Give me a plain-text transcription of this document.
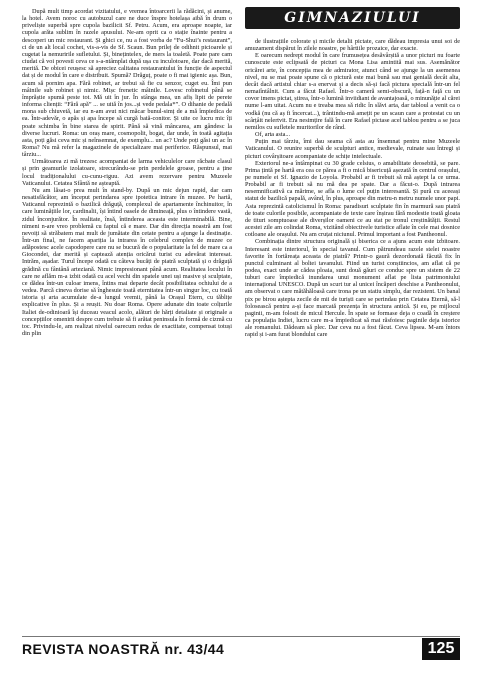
După mult timp acordat vizitatului, e vremea întoarcerii la rădăcini, și anume, la hotel. Avem noroc cu autobuzul care ne duce înspre hotelașa aibă în drum o priveliște superbă spre cupola bazilicii Sf. Petru. Acum, era aproape noapte, iar cupola arăta sublim în razele apusului. Ne-am oprit ca o stație înainte pentru a descoperi un mic restaurant. Și ghici ce, nu a fost vorba de “Fu-Shui’s restaurant”, ci de un alt local cochet, vis-a-vis de Sf. Scaun. Bun prilej de odihnit picioarele și cugetat la nemuririle sufletului. Și, binețintelex, de mers la toaletă. Poate pare cam ciudat că voi povesti ceva ce s-a-ntâmplat după ușa cu inculotoare, dar dacă merită, merită. De obicei reușesc să apreciez calitatea restaurantului în funcție de aspectul dat și de modul în care e distribuit. Spumă? Drăguț, poate o fi mai igienic așa. Bun, acum să pornim apa. Fără robinet, ar trebui să fie cu senzor, cuget eu. Îmi pun mâinile sub robinet și nimic. Mișc frenetic mâinile. Lovesc robinetul până se împrăștie spumă peste tot. Mă uit în jur. În stânga mea, un afiș lipit de perete informa clienții: “Fără apă” ... se uită în jos...și vede pedala*”. O dihanie de pedală mona sub chiuvetă, iar eu n-am avut nici măcar bunul-simț de a mă împiedica de ea. Într-adevăr, o apăs și apa începe să curgă bată-conitor. Și uite ce lucru mic îți poate schimba în bine starea de spirit. Până să vină mâncarea, am gândesc la diverse lucruri. Roma: un oraș mare, cosmopolit, bogat, dar unde, în toată agitația asta, poți găsi ceva mic și neînsemnat, de exemplu... un ac? Unde poți găsi un ac în Roma? Nu mă refer la magazinele de specializare mai periferice. Răspunsul, mai târziu...

Următoarea zi mă trezesc acompaniat de larma vehiculelor care răcbate clasul și prin geamurile izolatoare, strecurându-se prin perdelele groase, pentru a ține locul tradiționalului cu-cunu-riguu. Azi avem rezervare pentru Muzeele Vaticanului. Cetatea Sfântă ne așteaptă.

Nu am lăsat-o prea mult în stand-by. După un mic dejun rapid, dar cam nesatisfăcător, am început perindarea spre ipotetica intrare în muzee. Pe hartă, Vaticanul reprezintă o bazilică drăguță, complexul de apartamente închinuitor, în care luminățiile lor, cardinalii, își întind oasele de dimineață, plus o întindere vastă, zidul înconjurător. În realitate, însă, întinderea aceasta este interminabilă. Bine, nimeni n-are vreo problemă cu faptul că e mare. Dar din direcția noastră am fost nevoiți să străbatem mai mult de jumătate din cetate pentru a ajunge la destinație. Într-un final, ne facem apariția la intrarea în celebrul complex de muzee ce adăpostesc acele capodopere care nu se bucură de o popularitate la fel de mare ca a Giocondei, dar merită și captează atenția oricărui turist cu adevărat interesat. Intrăm, așadar. Turul începe odată cu câteva bucăți de piatră sculptată și o drăguță grădină cu fântână arteziană. Nimic impresionant până acum. Realitatea locului în care ne aflăm m-a izbit odată cu acel vechi din spatele unei uși masive și sculptate, ce dădea într-un culoar imens, întins mai departe decât posibilitatea ochiului de a vedea. Parcă cineva dorise să înghesuie toată eternitatea într-un singur loc, cu toată istoria și arta acumulate de-a lungul vremii, până la Orașul Etern, cu tăblițe explicative în plus. Și a reușit. Nu doar Roma. Opere adunate din toate colțurile Italiei de-odinioară își duceau veacul acolo, alături de hărți detaliate și originale a concepțiilor omenirii despre cum trebuie să fi arătat peninsula în formă de cizmă cu toc. Privindu-le, am realizat nivelul oarecum redus de exactitate, compensat totuși din plin

GIMNAZIULUI

de ilustrațiile colorate și micile detalii pictate, care dădeau impresia unui soi de amuzament dispărut în zilele noastre, pe hârtiile prozaice, dar exacte.

E oarecum nedrept modul în care frumusețea desăvârșită a unor picturi nu foarte cunoscute este eclipsată de picturi ca Mona Lisa amintită mai sus. Asemănător oricărei arte, în concepția mea de admirator, atunci când se ajunge la un asemenea nivel, nu se mai poate spune că o pictură este mai bună sau mai genială decât alta, decât dacă artistul chiar s-a enervat și a decis să-și facă pictura specială într-un fel nemaiîntâlnit. Cum a făcut Rafael. Într-o cameră semi-obscură, față-n față cu un covor imens pictat, știrea, într-o lumină inviidiant de avantajoasă, o minunăție al cărei nume l-am uitat. Acum nu e treaba mea să ridic în slăvi arta, dar tabloul a venit ca o vodkă (nu că aș fi încercat...), trântindu-mă amețit pe un scaun care a protestat cu un scârțâit nelertvit. Era nesimțire fală în care Rafael pictase acel tablou pentru a se juca nemilos cu sufletele muritorilor de rând.

Of, arta asta...

Puțin mai târziu, îmi dau seama că asta au însemnat pentru mine Muzeele Vaticanului. O reunire superbă de sculpturi antice, medievale, ruinate sau întregi și picturi covârșitoare acompaniate de schițe intelectuale.

Exteriorul ne-a întâmpinat cu 30 grade celsius, o amabilitate deosebită, se pare. Prima țintă pe hartă era cea ce părea a fi o mică bisericuță așezată în centrul orașului, pe numele ei Sf. Ignazio de Loyola. Probabil ar fi trebuit să mă aștept la ce urma. Probabil ar fi trebuit să nu mă dea pe spate. Dar a făcut-o. După intrarea nesemnificativă ca mărime, se afla o lume cel puțin interesantă. Și pură cu aceeași statut de bazilică papală, având, în plus, aproape din metru-n metru numele unor papi. Asta reprezintă catolicismul în Roma: paradisuri sculptate fin în marmură sau piatră de toate culorile posibile, acompaniate de texte care înșirau fără modestie toată gloata de tituri somptuoase ale diverșilor oameni ce au stat pe tronul creștinătății. Restul acestei zile am colindat Roma, vizitând obiectivele turistice aflate în cele mai dosnice cotloane ale orașului. Nu am cruțat niciunul. Primul important a fost Pantheonul.

Combinația dintre structura originală și biserica ce a ajuns acum este izbitoare. Interesant este interiorul, în special tavanul. Cum pătrundeau razele stelei noastre favorite în fortăreața aceasta de piatră? Printr-o gaură dezordonată făcută fix în punctul culminant al boltei tavanului. Fiind un turist conștiincios, am aflat că pe podea, exact unde ar cădea ploaia, sunt două găuri ce conduc spre un sistem de 22 tuburi care împiedică inundarea unui monument aflat pe lista patrimoniului internațional UNESCO. După un scurt tur al unicei încăperi deschise a Pantheonului, am observat o care mătăhăloasă care trona pe un statiu simplu, dar rezistent. Un banal pix pe birou aștepta zecile de mii de turiști care se perindau prin Cetatea Eternă, să-l folosească pentru a-și face marcată prezența în structura antică. Și eu, pe mijlocul paginii, m-am folosit de micul Hercule. În spate se formase deja o coadă în creștere ca populația Indiei, lucru care m-a împiedicat să mai răsfoiesc paginile deja istorice ale romanului. Dădeam să plec. Dar ceva nu a fost făcut. Ceva lipsea. M-am întors rapid și i-am furat blondului care

REVISTA NOASTRĂ nr. 43/44	125
